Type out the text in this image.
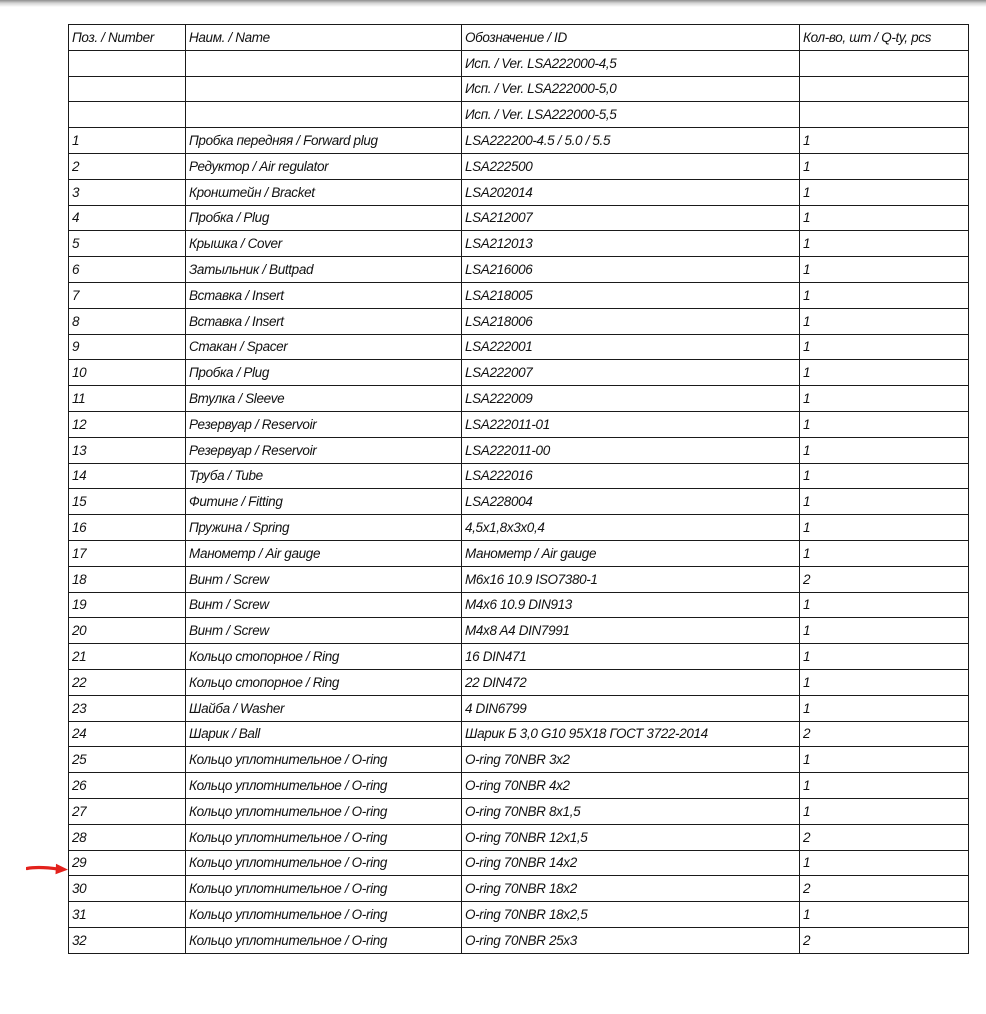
Поз. / Number	Наим. / Name	Обозначение / ID	Кол-во, шт / Q-ty, pcs
		Исп. / Ver. LSA222000-4,5	
		Исп. / Ver. LSA222000-5,0	
		Исп. / Ver. LSA222000-5,5	
1	Пробка передняя / Forward plug	LSA222200-4.5 / 5.0 / 5.5	1
2	Редуктор / Air regulator	LSA222500	1
3	Кронштейн / Bracket	LSA202014	1
4	Пробка / Plug	LSA212007	1
5	Крышка / Cover	LSA212013	1
6	Затыльник / Buttpad	LSA216006	1
7	Вставка / Insert	LSA218005	1
8	Вставка / Insert	LSA218006	1
9	Стакан / Spacer	LSA222001	1
10	Пробка / Plug	LSA222007	1
11	Втулка / Sleeve	LSA222009	1
12	Резервуар / Reservoir	LSA222011-01	1
13	Резервуар / Reservoir	LSA222011-00	1
14	Труба / Tube	LSA222016	1
15	Фитинг / Fitting	LSA228004	1
16	Пружина / Spring	4,5x1,8x3x0,4	1
17	Манометр / Air gauge	Манометр / Air gauge	1
18	Винт / Screw	M6x16 10.9 ISO7380-1	2
19	Винт / Screw	M4x6 10.9 DIN913	1
20	Винт / Screw	M4x8 A4 DIN7991	1
21	Кольцо стопорное / Ring	16 DIN471	1
22	Кольцо стопорное / Ring	22 DIN472	1
23	Шайба / Washer	4 DIN6799	1
24	Шарик / Ball	Шарик Б 3,0 G10 95X18 ГОСТ 3722-2014	2
25	Кольцо уплотнительное / O-ring	O-ring 70NBR 3x2	1
26	Кольцо уплотнительное / O-ring	O-ring 70NBR 4x2	1
27	Кольцо уплотнительное / O-ring	O-ring 70NBR 8x1,5	1
28	Кольцо уплотнительное / O-ring	O-ring 70NBR 12x1,5	2
29	Кольцо уплотнительное / O-ring	O-ring 70NBR 14x2	1
30	Кольцо уплотнительное / O-ring	O-ring 70NBR 18x2	2
31	Кольцо уплотнительное / O-ring	O-ring 70NBR 18x2,5	1
32	Кольцо уплотнительное / O-ring	O-ring 70NBR 25x3	2
